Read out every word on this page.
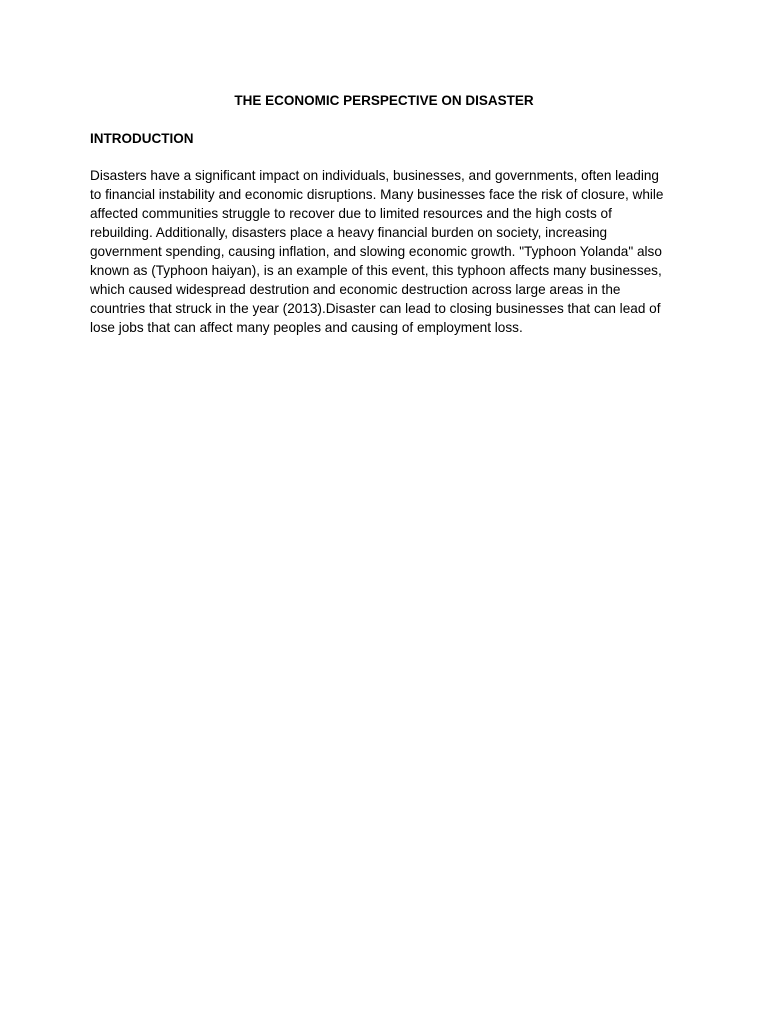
THE ECONOMIC PERSPECTIVE ON DISASTER
INTRODUCTION

Disasters have a significant impact on individuals, businesses, and governments, often leading
to financial instability and economic disruptions. Many businesses face the risk of closure, while
affected communities struggle to recover due to limited resources and the high costs of
rebuilding. Additionally, disasters place a heavy financial burden on society, increasing
government spending, causing inflation, and slowing economic growth. "Typhoon Yolanda" also
known as (Typhoon haiyan), is an example of this event, this typhoon affects many businesses,
which caused widespread destrution and economic destruction across large areas in the
countries that struck in the year (2013).Disaster can lead to closing businesses that can lead of
lose jobs that can affect many peoples and causing of employment loss.
